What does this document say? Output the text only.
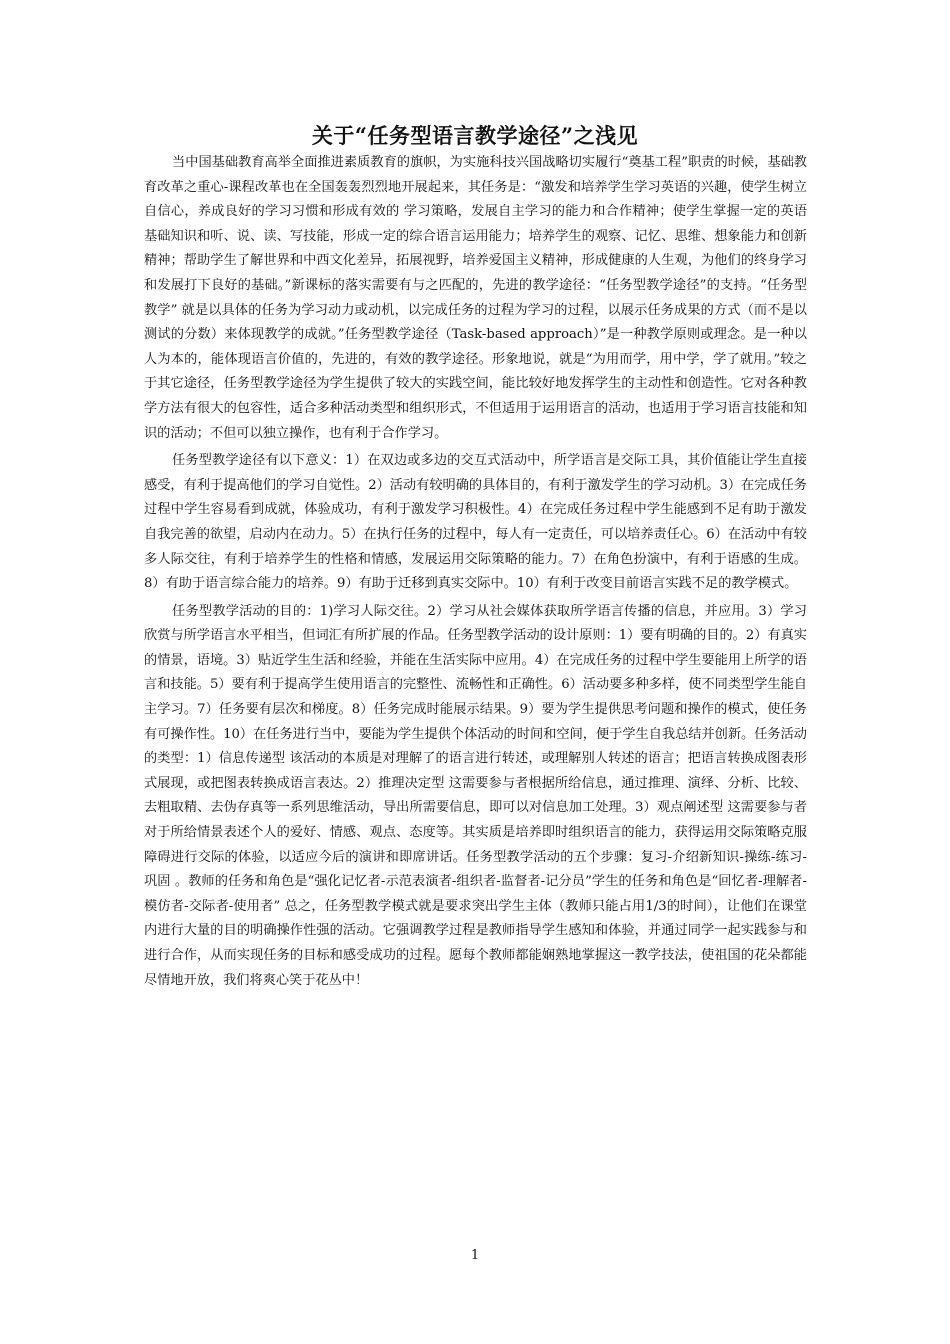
关于“任务型语言教学途径”之浅见

当中国基础教育高举全面推进素质教育的旗帜，为实施科技兴国战略切实履行“奠基工程”职责的时候，基础教育改革之重心-课程改革也在全国轰轰烈烈地开展起来，其任务是：“激发和培养学生学习英语的兴趣，使学生树立自信心，养成良好的学习习惯和形成有效的 学习策略，发展自主学习的能力和合作精神；使学生掌握一定的英语基础知识和听、说、读、写技能，形成一定的综合语言运用能力；培养学生的观察、记忆、思维、想象能力和创新精神；帮助学生了解世界和中西文化差异，拓展视野，培养爱国主义精神，形成健康的人生观，为他们的终身学习和发展打下良好的基础。”新课标的落实需要有与之匹配的，先进的教学途径：“任务型教学途径”的支持。“任务型教学” 就是以具体的任务为学习动力或动机，以完成任务的过程为学习的过程，以展示任务成果的方式（而不是以测试的分数）来体现教学的成就。”任务型教学途径（Task-based approach）”是一种教学原则或理念。是一种以人为本的，能体现语言价值的，先进的，有效的教学途径。形象地说，就是“为用而学，用中学，学了就用。”较之于其它途径，任务型教学途径为学生提供了较大的实践空间，能比较好地发挥学生的主动性和创造性。它对各种教学方法有很大的包容性，适合多种活动类型和组织形式，不但适用于运用语言的活动，也适用于学习语言技能和知识的活动；不但可以独立操作，也有利于合作学习。

任务型教学途径有以下意义：1）在双边或多边的交互式活动中，所学语言是交际工具，其价值能让学生直接感受，有利于提高他们的学习自觉性。2）活动有较明确的具体目的，有利于激发学生的学习动机。3）在完成任务过程中学生容易看到成就，体验成功，有利于激发学习积极性。4）在完成任务过程中学生能感到不足有助于激发自我完善的欲望，启动内在动力。5）在执行任务的过程中，每人有一定责任，可以培养责任心。6）在活动中有较多人际交往，有利于培养学生的性格和情感，发展运用交际策略的能力。7）在角色扮演中，有利于语感的生成。8）有助于语言综合能力的培养。9）有助于迁移到真实交际中。10）有利于改变目前语言实践不足的教学模式。

任务型教学活动的目的：1)学习人际交往。2）学习从社会媒体获取所学语言传播的信息，并应用。3）学习欣赏与所学语言水平相当，但词汇有所扩展的作品。任务型教学活动的设计原则：1）要有明确的目的。2）有真实的情景，语境。3）贴近学生生活和经验，并能在生活实际中应用。4）在完成任务的过程中学生要能用上所学的语言和技能。5）要有利于提高学生使用语言的完整性、流畅性和正确性。6）活动要多种多样，使不同类型学生能自主学习。7）任务要有层次和梯度。8）任务完成时能展示结果。9）要为学生提供思考问题和操作的模式，使任务有可操作性。10）在任务进行当中，要能为学生提供个体活动的时间和空间，便于学生自我总结并创新。任务活动的类型：1）信息传递型 该活动的本质是对理解了的语言进行转述，或理解别人转述的语言；把语言转换成图表形式展现，或把图表转换成语言表达。2）推理决定型 这需要参与者根据所给信息，通过推理、演绎、分析、比较、去粗取精、去伪存真等一系列思维活动，导出所需要信息，即可以对信息加工处理。3）观点阐述型 这需要参与者对于所给情景表述个人的爱好、情感、观点、态度等。其实质是培养即时组织语言的能力，获得运用交际策略克服障碍进行交际的体验，以适应今后的演讲和即席讲话。任务型教学活动的五个步骤：复习-介绍新知识-操练-练习-巩固 。教师的任务和角色是“强化记忆者-示范表演者-组织者-监督者-记分员”学生的任务和角色是“回忆者-理解者-模仿者-交际者-使用者” 总之，任务型教学模式就是要求突出学生主体（教师只能占用1/3的时间），让他们在课堂内进行大量的目的明确操作性强的活动。它强调教学过程是教师指导学生感知和体验，并通过同学一起实践参与和进行合作，从而实现任务的目标和感受成功的过程。愿每个教师都能娴熟地掌握这一教学技法，使祖国的花朵都能尽情地开放，我们将爽心笑于花丛中！

1
